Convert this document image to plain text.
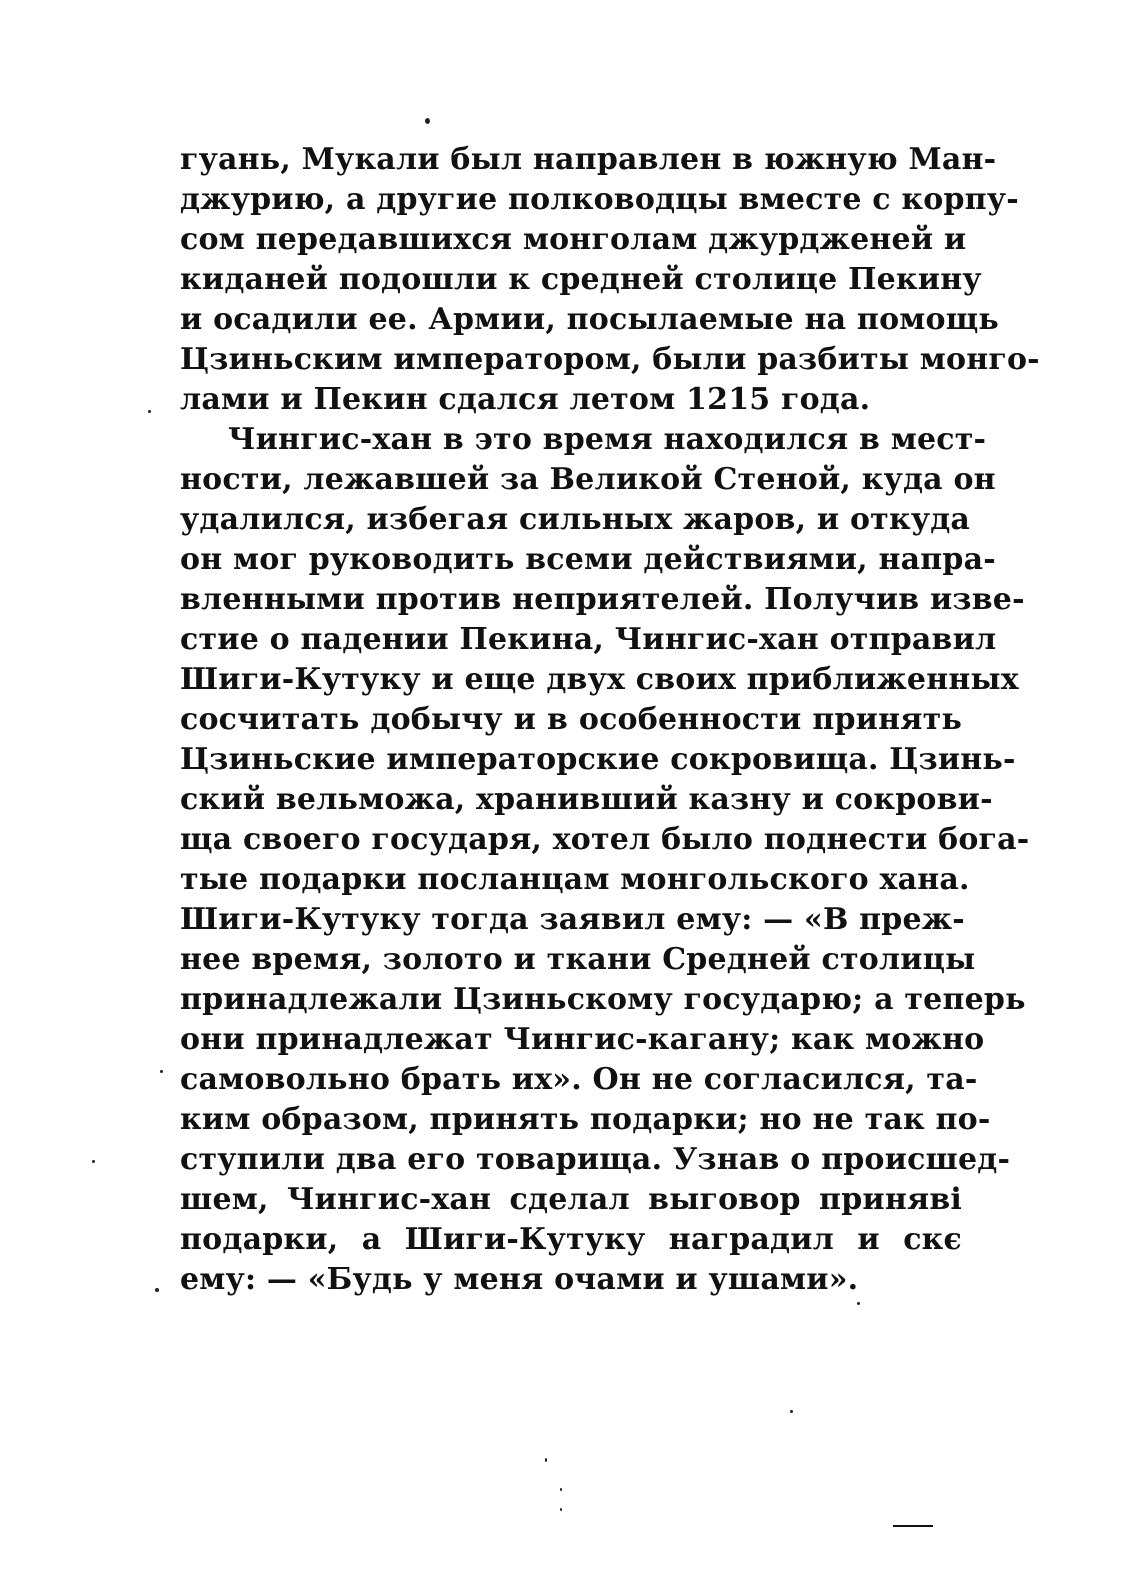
гуань, Мукали был направлен в южную Ман-
джурию, а другие полководцы вместе с корпу-
сом передавшихся монголам джурдженей и
киданей подошли к средней столице Пекину
и осадили ее. Армии, посылаемые на помощь
Цзиньским императором, были разбиты монго-
лами и Пекин сдался летом 1215 года.
Чингис-хан в это время находился в мест-
ности, лежавшей за Великой Стеной, куда он
удалился, избегая сильных жаров, и откуда
он мог руководить всеми действиями, напра-
вленными против неприятелей. Получив изве-
стие о падении Пекина, Чингис-хан отправил
Шиги-Кутуку и еще двух своих приближенных
сосчитать добычу и в особенности принять
Цзиньские императорские сокровища. Цзинь-
ский вельможа, хранивший казну и сокрови-
ща своего государя, хотел было поднести бога-
тые подарки посланцам монгольского хана.
Шиги-Кутуку тогда заявил ему: — «В преж-
нее время, золото и ткани Средней столицы
принадлежали Цзиньскому государю; а теперь
они принадлежат Чингис-кагану; как можно
самовольно брать их». Он не согласился, та-
ким образом, принять подарки; но не так по-
ступили два его товарища. Узнав о происшед-
шем, Чингис-хан сделал выговор приняві
подарки, а Шиги-Кутуку наградил и скє
ему: — «Будь у меня очами и ушами».
